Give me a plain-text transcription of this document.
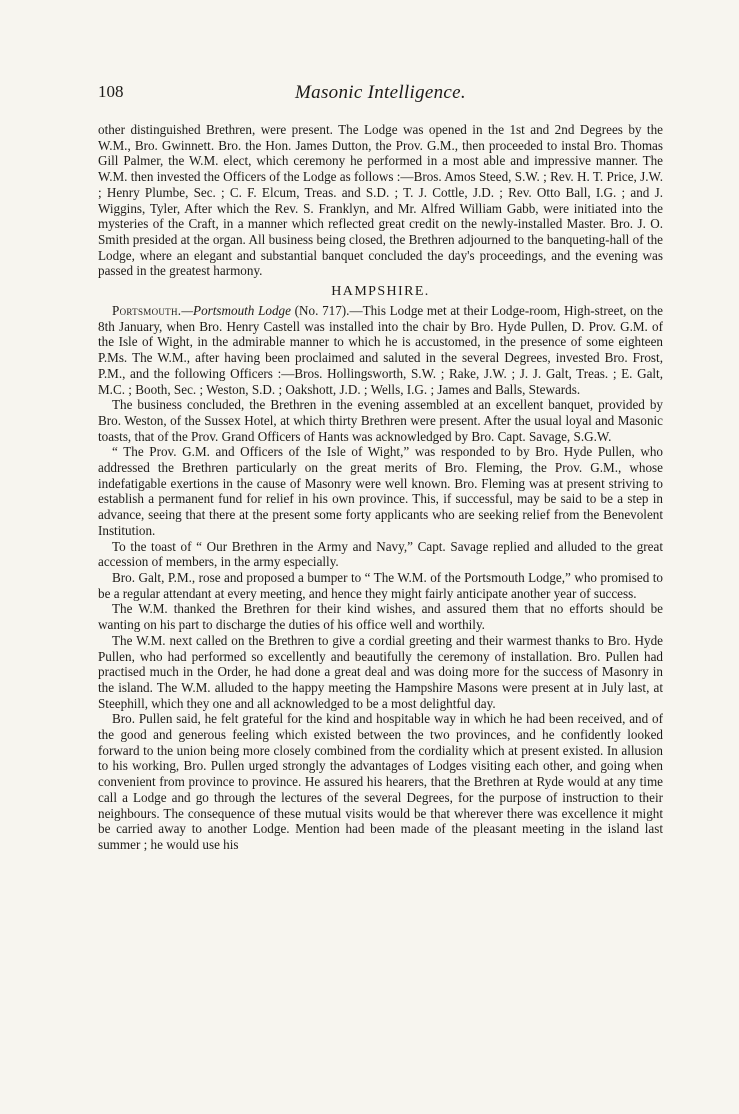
108	Masonic Intelligence.

other distinguished Brethren, were present. The Lodge was opened in the 1st and 2nd Degrees by the W.M., Bro. Gwinnett. Bro. the Hon. James Dutton, the Prov. G.M., then proceeded to instal Bro. Thomas Gill Palmer, the W.M. elect, which ceremony he performed in a most able and impressive manner. The W.M. then invested the Officers of the Lodge as follows :—Bros. Amos Steed, S.W. ; Rev. H. T. Price, J.W. ; Henry Plumbe, Sec. ; C. F. Elcum, Treas. and S.D. ; T. J. Cottle, J.D. ; Rev. Otto Ball, I.G. ; and J. Wiggins, Tyler, After which the Rev. S. Franklyn, and Mr. Alfred William Gabb, were initiated into the mysteries of the Craft, in a manner which reflected great credit on the newly-installed Master. Bro. J. O. Smith presided at the organ. All business being closed, the Brethren adjourned to the banqueting-hall of the Lodge, where an elegant and substantial banquet concluded the day's proceedings, and the evening was passed in the greatest harmony.

HAMPSHIRE.

Portsmouth.—Portsmouth Lodge (No. 717).—This Lodge met at their Lodge-room, High-street, on the 8th January, when Bro. Henry Castell was installed into the chair by Bro. Hyde Pullen, D. Prov. G.M. of the Isle of Wight, in the admirable manner to which he is accustomed, in the presence of some eighteen P.Ms. The W.M., after having been proclaimed and saluted in the several Degrees, invested Bro. Frost, P.M., and the following Officers :—Bros. Hollingsworth, S.W. ; Rake, J.W. ; J. J. Galt, Treas. ; E. Galt, M.C. ; Booth, Sec. ; Weston, S.D. ; Oakshott, J.D. ; Wells, I.G. ; James and Balls, Stewards.

The business concluded, the Brethren in the evening assembled at an excellent banquet, provided by Bro. Weston, of the Sussex Hotel, at which thirty Brethren were present. After the usual loyal and Masonic toasts, that of the Prov. Grand Officers of Hants was acknowledged by Bro. Capt. Savage, S.G.W.

“ The Prov. G.M. and Officers of the Isle of Wight,” was responded to by Bro. Hyde Pullen, who addressed the Brethren particularly on the great merits of Bro. Fleming, the Prov. G.M., whose indefatigable exertions in the cause of Masonry were well known. Bro. Fleming was at present striving to establish a permanent fund for relief in his own province. This, if successful, may be said to be a step in advance, seeing that there at the present some forty applicants who are seeking relief from the Benevolent Institution.

To the toast of “ Our Brethren in the Army and Navy,” Capt. Savage replied and alluded to the great accession of members, in the army especially.

Bro. Galt, P.M., rose and proposed a bumper to “ The W.M. of the Portsmouth Lodge,” who promised to be a regular attendant at every meeting, and hence they might fairly anticipate another year of success.

The W.M. thanked the Brethren for their kind wishes, and assured them that no efforts should be wanting on his part to discharge the duties of his office well and worthily.

The W.M. next called on the Brethren to give a cordial greeting and their warmest thanks to Bro. Hyde Pullen, who had performed so excellently and beautifully the ceremony of installation. Bro. Pullen had practised much in the Order, he had done a great deal and was doing more for the success of Masonry in the island. The W.M. alluded to the happy meeting the Hampshire Masons were present at in July last, at Steephill, which they one and all acknowledged to be a most delightful day.

Bro. Pullen said, he felt grateful for the kind and hospitable way in which he had been received, and of the good and generous feeling which existed between the two provinces, and he confidently looked forward to the union being more closely combined from the cordiality which at present existed. In allusion to his working, Bro. Pullen urged strongly the advantages of Lodges visiting each other, and going when convenient from province to province. He assured his hearers, that the Brethren at Ryde would at any time call a Lodge and go through the lectures of the several Degrees, for the purpose of instruction to their neighbours. The consequence of these mutual visits would be that wherever there was excellence it might be carried away to another Lodge. Mention had been made of the pleasant meeting in the island last summer ; he would use his
